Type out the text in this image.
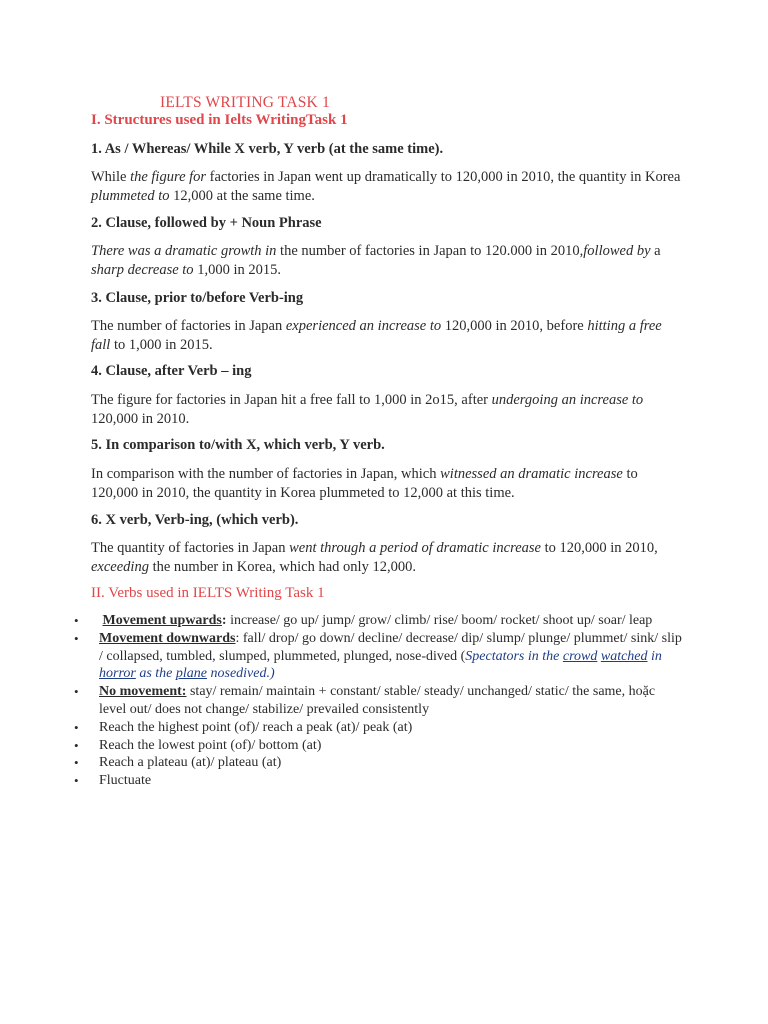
IELTS WRITING TASK 1
I. Structures used in Ielts WritingTask 1
1. As / Whereas/ While X verb, Y verb (at the same time).
While the figure for factories in Japan went up dramatically to 120,000 in 2010, the quantity in Korea plummeted to 12,000 at the same time.
2. Clause, followed by + Noun Phrase
There was a dramatic growth in the number of factories in Japan to 120.000 in 2010,followed by a sharp decrease to 1,000 in 2015.
3. Clause, prior to/before Verb-ing
The number of factories in Japan experienced an increase to 120,000 in 2010, before hitting a free fall to 1,000 in 2015.
4. Clause, after Verb – ing
The figure for factories in Japan hit a free fall to 1,000 in 2o15, after undergoing an increase to 120,000 in 2010.
5. In comparison to/with X, which verb, Y verb.
In comparison with the number of factories in Japan, which witnessed an dramatic increase to 120,000 in 2010, the quantity in Korea plummeted to 12,000 at this time.
6. X verb, Verb-ing, (which verb).
The quantity of factories in Japan went through a period of dramatic increase to 120,000 in 2010, exceeding the number in Korea, which had only 12,000.
II. Verbs used in IELTS Writing Task 1
• Movement upwards: increase/ go up/ jump/ grow/ climb/ rise/ boom/ rocket/ shoot up/ soar/ leap
• Movement downwards: fall/ drop/ go down/ decline/ decrease/ dip/ slump/ plunge/ plummet/ sink/ slip / collapsed, tumbled, slumped, plummeted, plunged, nose-dived (Spectators in the crowd watched in horror as the plane nosedived.)
• No movement: stay/ remain/ maintain + constant/ stable/ steady/ unchanged/ static/ the same, hoặc level out/ does not change/ stabilize/ prevailed consistently
• Reach the highest point (of)/ reach a peak (at)/ peak (at)
• Reach the lowest point (of)/ bottom (at)
• Reach a plateau (at)/ plateau (at)
• Fluctuate
